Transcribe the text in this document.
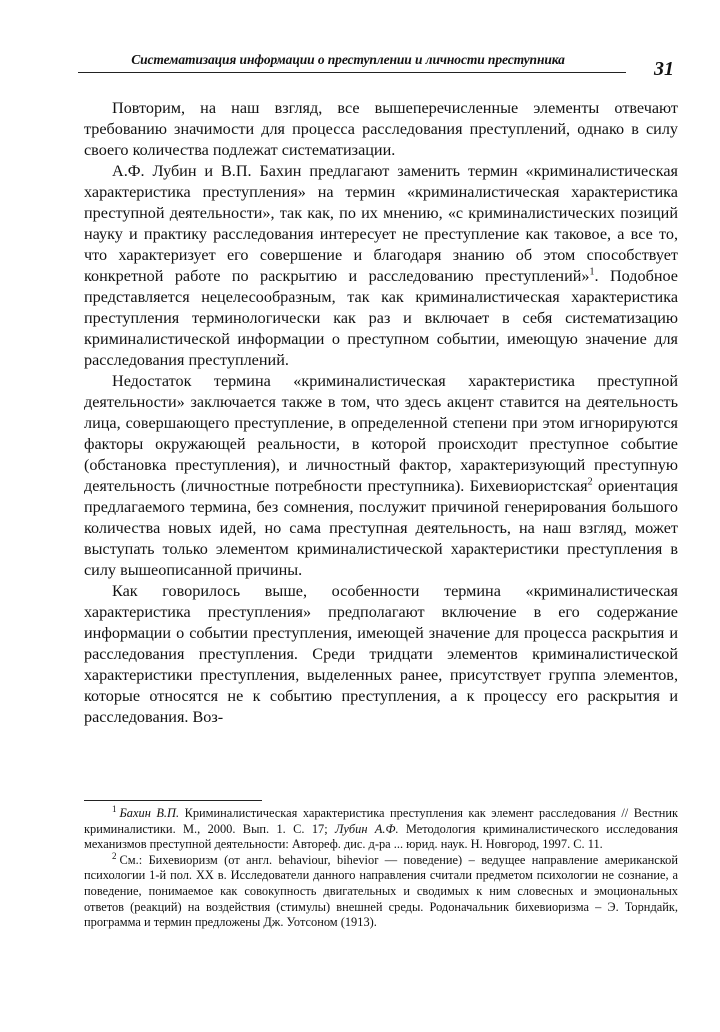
Систематизация информации о преступлении и личности преступника	31

Повторим, на наш взгляд, все вышеперечисленные элементы отвечают требованию значимости для процесса расследования преступлений, однако в силу своего количества подлежат систематизации.

А.Ф. Лубин и В.П. Бахин предлагают заменить термин «криминалистическая характеристика преступления» на термин «криминалистическая характеристика преступной деятельности», так как, по их мнению, «с криминалистических позиций науку и практику расследования интересует не преступление как таковое, а все то, что характеризует его совершение и благодаря знанию об этом способствует конкретной работе по раскрытию и расследованию преступлений»$^1$. Подобное представляется нецелесообразным, так как криминалистическая характеристика преступления терминологически как раз и включает в себя систематизацию криминалистической информации о преступном событии, имеющую значение для расследования преступлений.

Недостаток термина «криминалистическая характеристика преступной деятельности» заключается также в том, что здесь акцент ставится на деятельность лица, совершающего преступление, в определенной степени при этом игнорируются факторы окружающей реальности, в которой происходит преступное событие (обстановка преступления), и личностный фактор, характеризующий преступную деятельность (личностные потребности преступника). Бихевиористская$^2$ ориентация предлагаемого термина, без сомнения, послужит причиной генерирования большого количества новых идей, но сама преступная деятельность, на наш взгляд, может выступать только элементом криминалистической характеристики преступления в силу вышеописанной причины.

Как говорилось выше, особенности термина «криминалистическая характеристика преступления» предполагают включение в его содержание информации о событии преступления, имеющей значение для процесса раскрытия и расследования преступления. Среди тридцати элементов криминалистической характеристики преступления, выделенных ранее, присутствует группа элементов, которые относятся не к событию преступления, а к процессу его раскрытия и расследования. Воз-

$^1$ Бахин В.П. Криминалистическая характеристика преступления как элемент расследования // Вестник криминалистики. М., 2000. Вып. 1. С. 17; Лубин А.Ф. Методология криминалистического исследования механизмов преступной деятельности: Автореф. дис. д-ра ... юрид. наук. Н. Новгород, 1997. С. 11.

$^2$ См.: Бихевиоризм (от англ. behaviour, bihevior — поведение) – ведущее направление американской психологии 1-й пол. XX в. Исследователи данного направления считали предметом психологии не сознание, а поведение, понимаемое как совокупность двигательных и сводимых к ним словесных и эмоциональных ответов (реакций) на воздействия (стимулы) внешней среды. Родоначальник бихевиоризма – Э. Торндайк, программа и термин предложены Дж. Уотсоном (1913).
